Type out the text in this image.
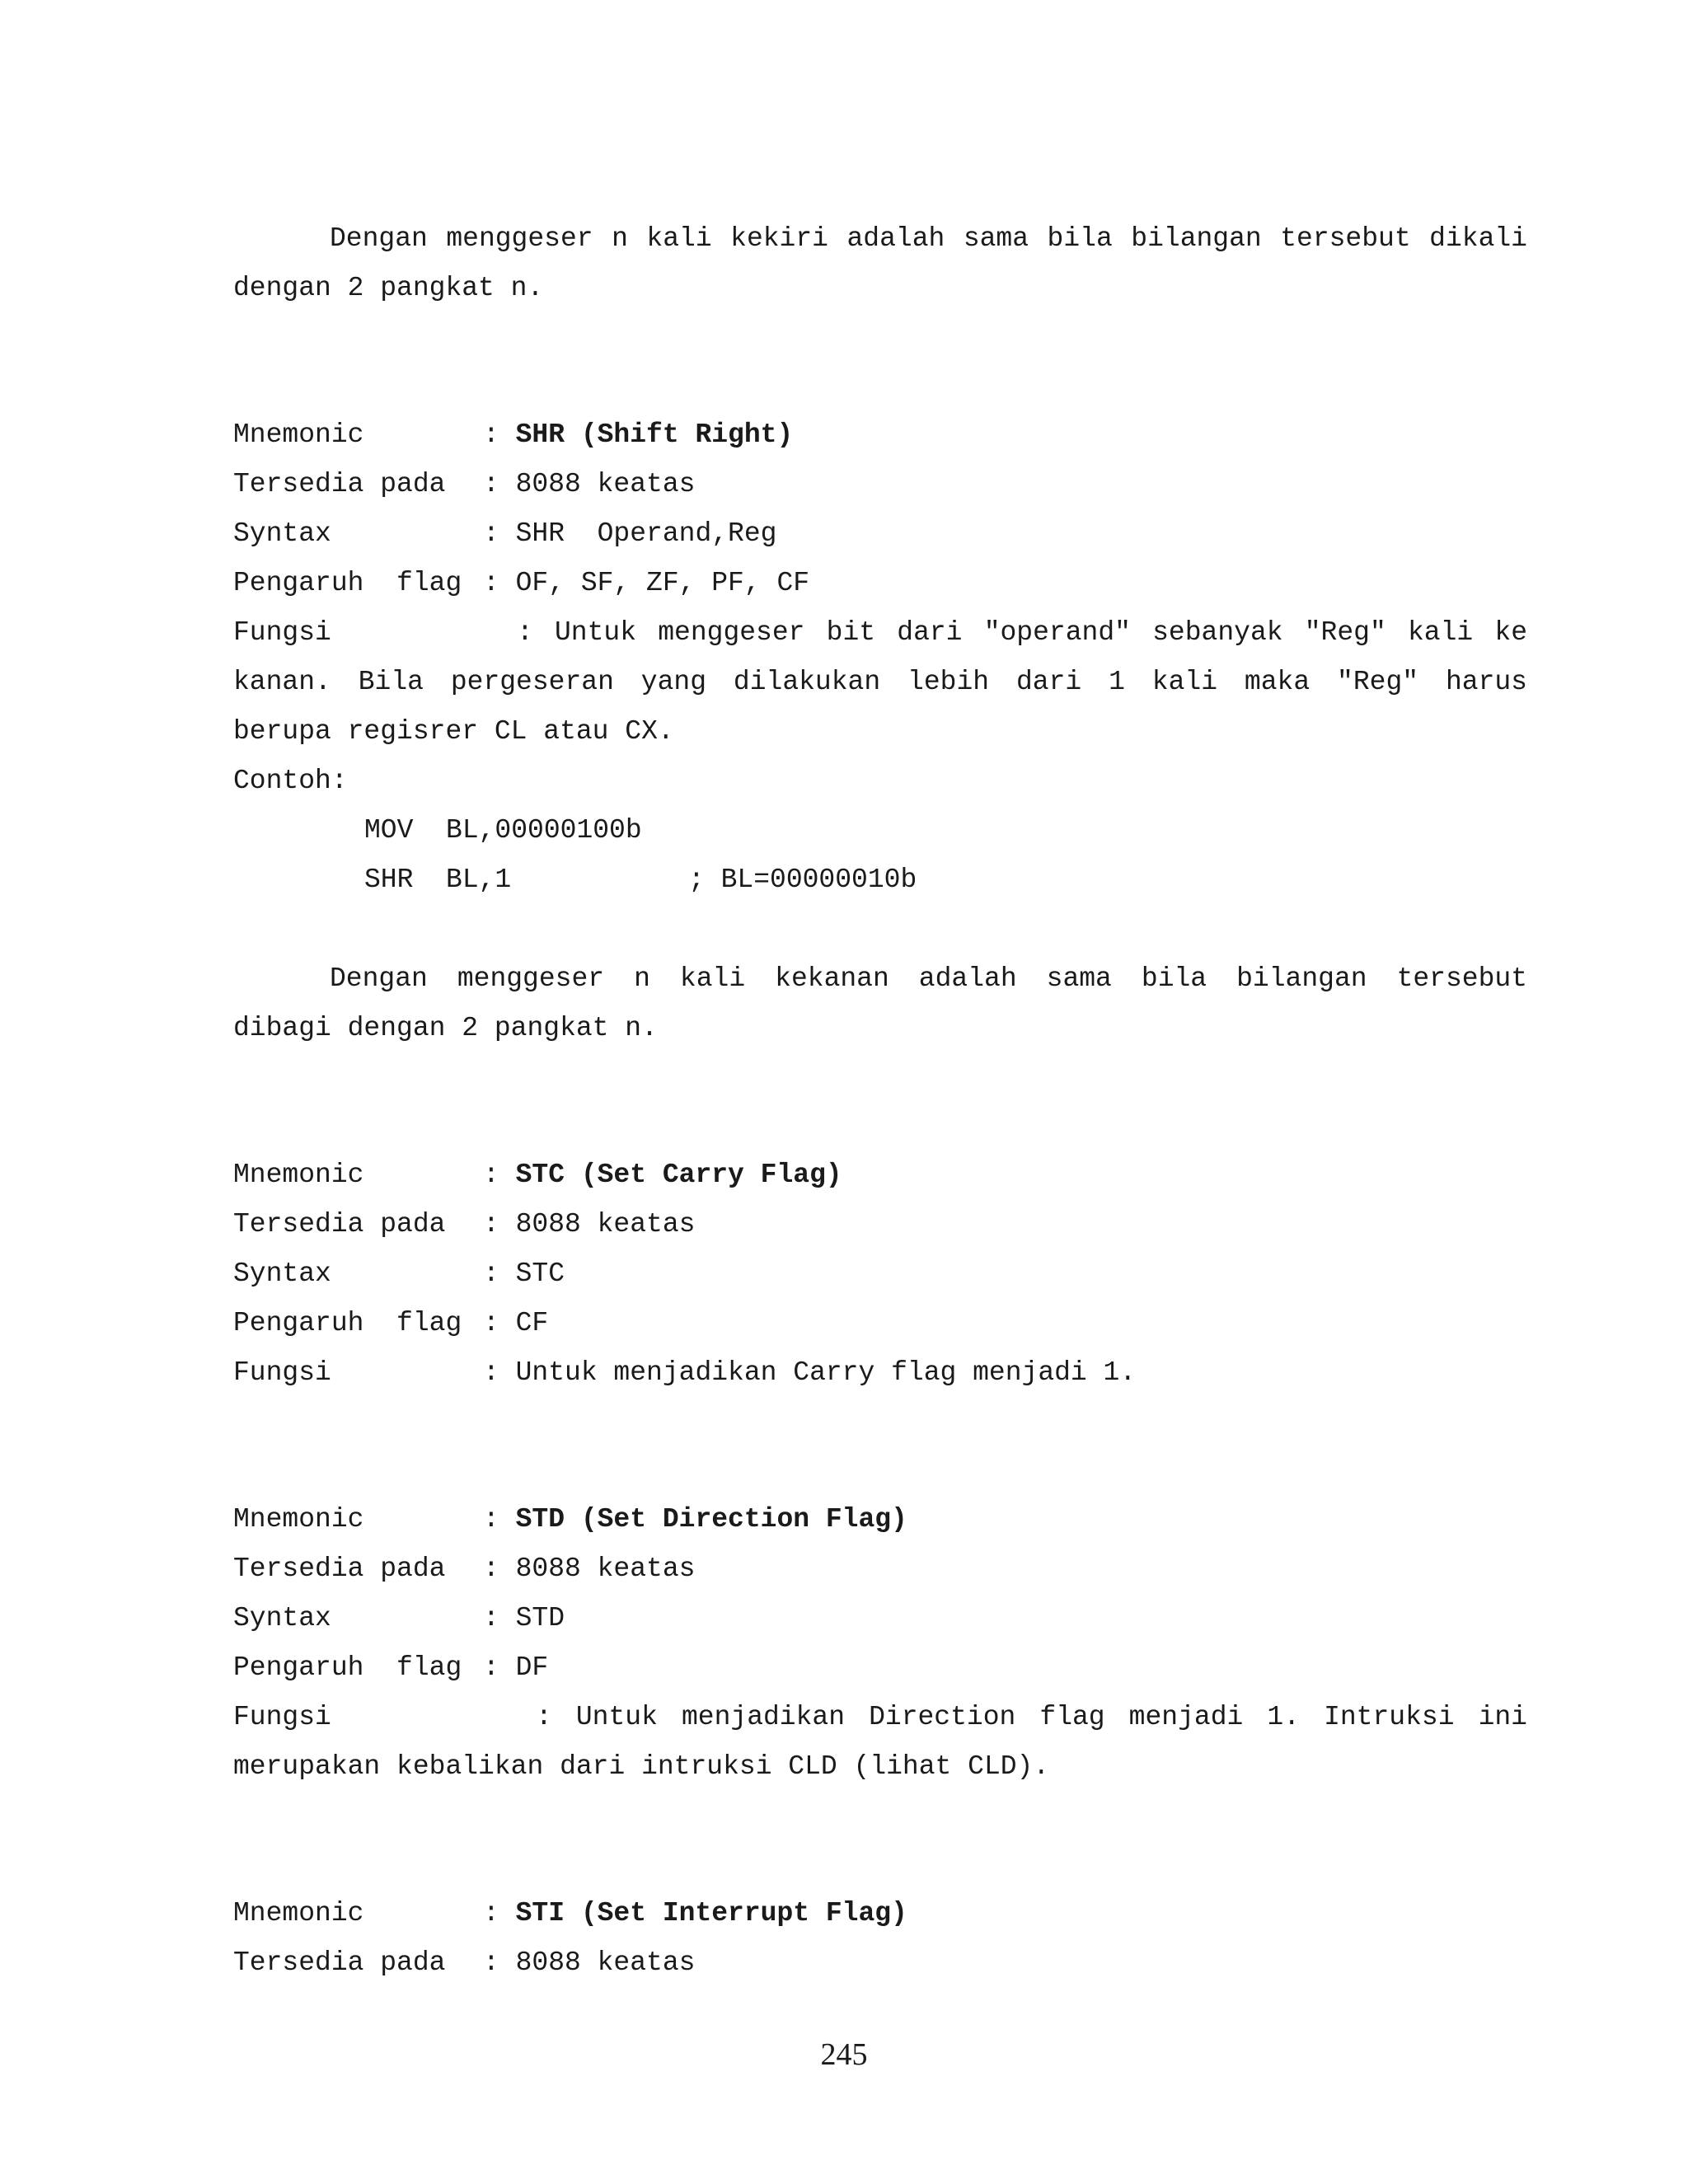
Dengan menggeser n kali kekiri adalah sama bila bilangan tersebut dikali
dengan 2 pangkat n.
Mnemonic	: SHR (Shift Right)
Tersedia pada : 8088 keatas
Syntax	: SHR  Operand,Reg
Pengaruh  flag : OF, SF, ZF, PF, CF
Fungsi	: Untuk menggeser bit dari "operand" sebanyak "Reg" kali ke
kanan. Bila pergeseran yang dilakukan lebih dari 1 kali maka "Reg" harus
berupa regisrer CL atau CX.
Contoh:
MOV  BL,00000100b
SHR  BL,1	; BL=00000010b
Dengan menggeser n kali kekanan adalah sama bila bilangan tersebut
dibagi dengan 2 pangkat n.
Mnemonic	: STC (Set Carry Flag)
Tersedia pada : 8088 keatas
Syntax	: STC
Pengaruh  flag : CF
Fungsi	: Untuk menjadikan Carry flag menjadi 1.
Mnemonic	: STD (Set Direction Flag)
Tersedia pada : 8088 keatas
Syntax	: STD
Pengaruh  flag : DF
Fungsi	: Untuk menjadikan Direction flag menjadi 1. Intruksi ini
merupakan kebalikan dari intruksi CLD (lihat CLD).
Mnemonic	: STI (Set Interrupt Flag)
Tersedia pada : 8088 keatas
245
